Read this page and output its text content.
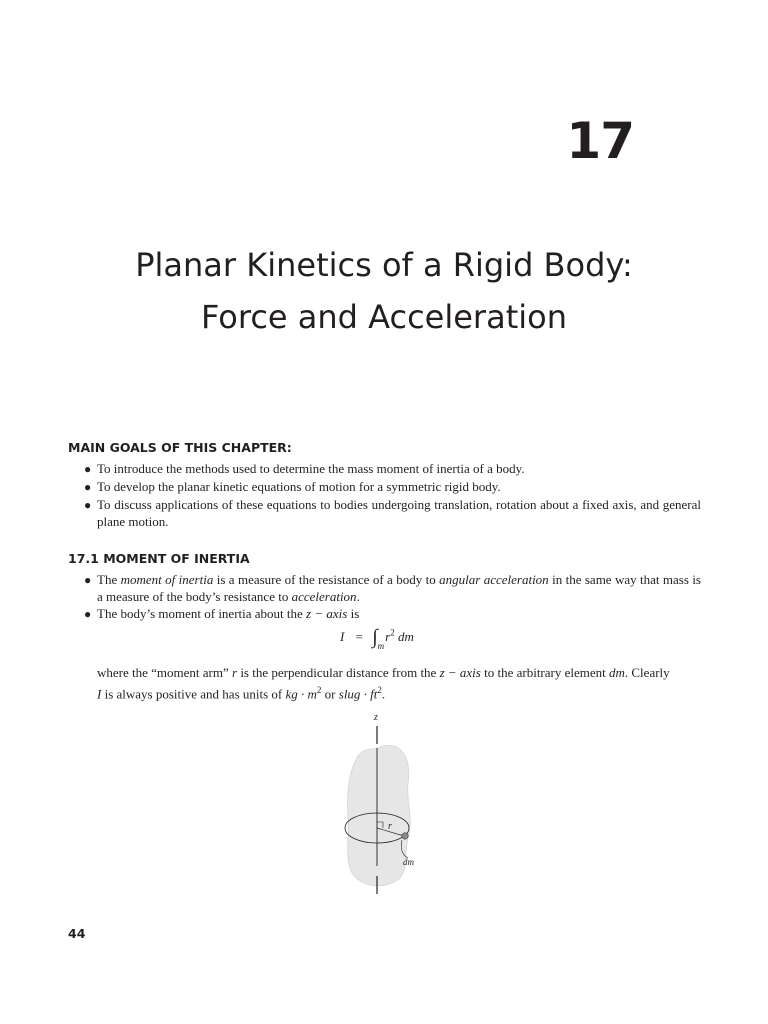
17
Planar Kinetics of a Rigid Body:
Force and Acceleration
MAIN GOALS OF THIS CHAPTER:
● To introduce the methods used to determine the mass moment of inertia of a body.
● To develop the planar kinetic equations of motion for a symmetric rigid body.
● To discuss applications of these equations to bodies undergoing translation, rotation about a fixed axis, and general plane motion.
17.1 MOMENT OF INERTIA
● The moment of inertia is a measure of the resistance of a body to angular acceleration in the same way that mass is a measure of the body’s resistance to acceleration.
● The body’s moment of inertia about the z − axis is
$I = \int_mr^2$ dm
where the “moment arm” r is the perpendicular distance from the z − axis to the arbitrary element dm. Clearly
I is always positive and has units of kg · $m^2$ or slug · $ft^2$.
z
r
dm
44
